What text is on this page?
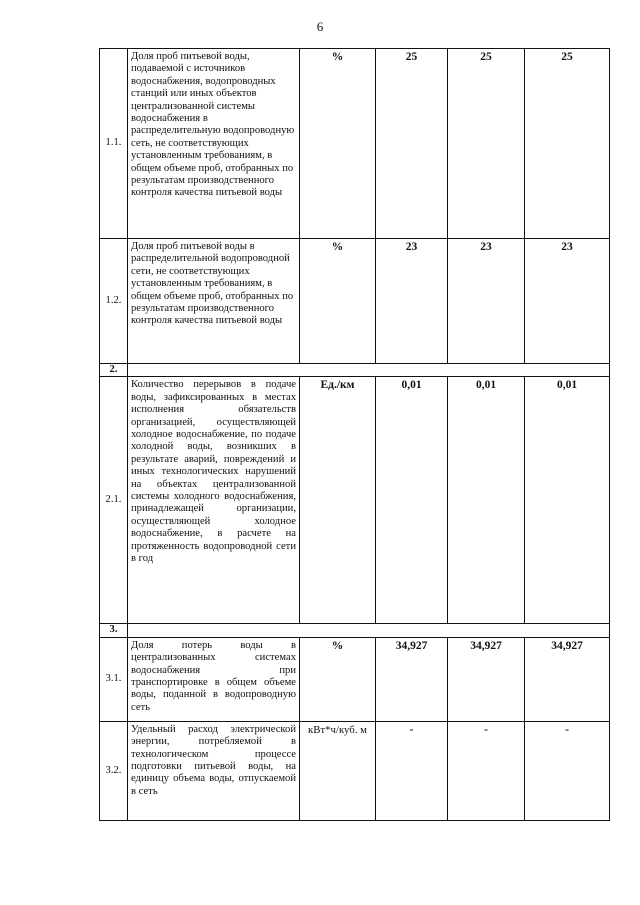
6
1.1.	Доля проб питьевой воды, подаваемой с источников водоснабжения, водопроводных станций или иных объектов централизованной системы водоснабжения в распределительную водопроводную сеть, не соответствующих установленным требованиям, в общем объеме проб, отобранных по результатам производственного контроля качества питьевой воды	%	25	25	25
1.2.	Доля проб питьевой воды в распределительной водопроводной сети, не соответствующих установленным требованиям, в общем объеме проб, отобранных по результатам производственного контроля качества питьевой воды	%	23	23	23
2.					
2.1.	Количество перерывов в подаче воды, зафиксированных в местах исполнения обязательств организацией, осуществляющей холодное водоснабжение, по подаче холодной воды, возникших в результате аварий, повреждений и иных технологических нарушений на объектах централизованной системы холодного водоснабжения, принадлежащей организации, осуществляющей холодное водоснабжение, в расчете на протяженность водопроводной сети в год	Ед./км	0,01	0,01	0,01
3.					
3.1.	Доля потерь воды в централизованных системах водоснабжения при транспортировке в общем объеме воды, поданной в водопроводную сеть	%	34,927	34,927	34,927
3.2.	Удельный расход электрической энергии, потребляемой в технологическом процессе подготовки питьевой воды, на единицу объема воды, отпускаемой в сеть	кВт*ч/куб. м	-	-	-
